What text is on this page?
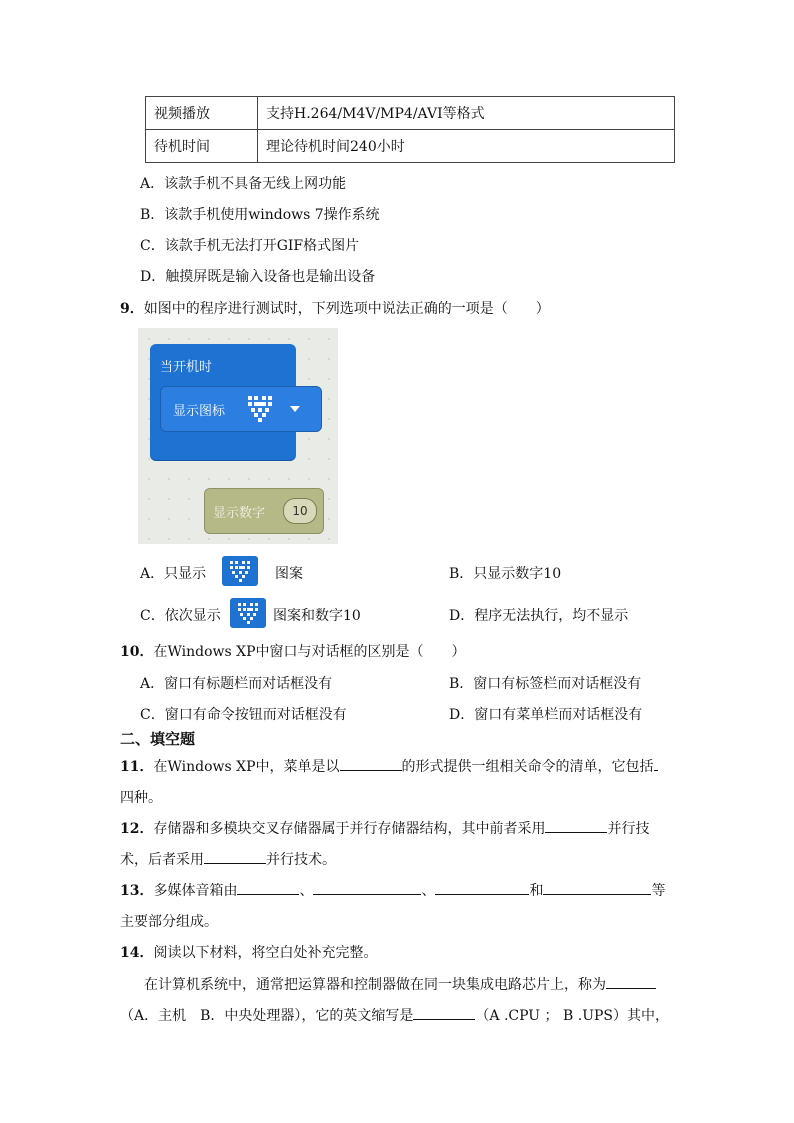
视频播放	支持H.264/M4V/MP4/AVI等格式
待机时间	理论待机时间240小时
A．该款手机不具备无线上网功能
B．该款手机使用windows 7操作系统
C．该款手机无法打开GIF格式图片
D．触摸屏既是输入设备也是输出设备
9．如图中的程序进行测试时，下列选项中说法正确的一项是（　　）
当开机时
显示图标
显示数字	10
A．只显示	图案	B．只显示数字10
C．依次显示	图案和数字10	D．程序无法执行，均不显示
10．在Windows XP中窗口与对话框的区别是（　　）
A．窗口有标题栏而对话框没有	B．窗口有标签栏而对话框没有
C．窗口有命令按钮而对话框没有	D．窗口有菜单栏而对话框没有
二、填空题
11．在Windows XP中，菜单是以	的形式提供一组相关命令的清单，它包括
四种。
12．存储器和多模块交叉存储器属于并行存储器结构，其中前者采用	并行技
术，后者采用	并行技术。
13．多媒体音箱由	、	、	和	等
主要部分组成。
14．阅读以下材料，将空白处补充完整。
在计算机系统中，通常把运算器和控制器做在同一块集成电路芯片上，称为
（A．主机　B．中央处理器），它的英文缩写是	（A .CPU ； B .UPS）其中，
